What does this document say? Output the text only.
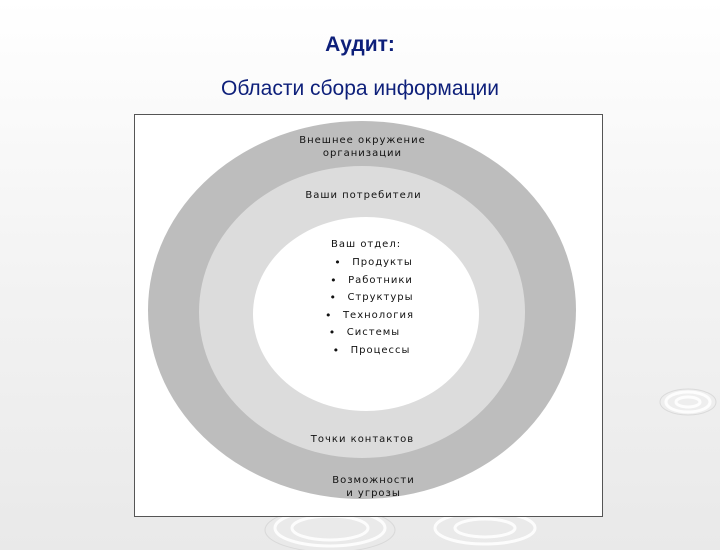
Аудит:
Области сбора информации
Внешнее окружение
организации
Ваши потребители
Ваш отдел:
• Продукты
• Работники
• Структуры
• Технология
• Системы
• Процессы
Точки контактов
Возможности
и угрозы
